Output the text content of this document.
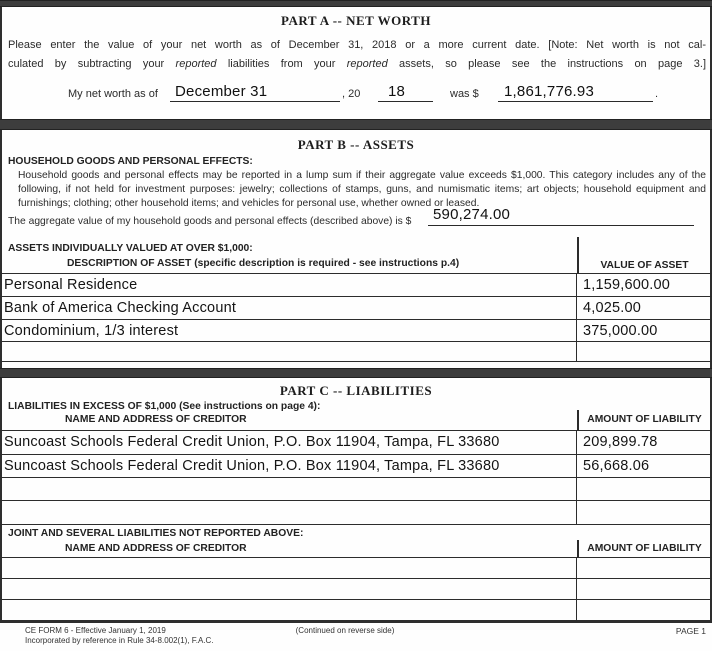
PART A -- NET WORTH
Please enter the value of your net worth as of December 31, 2018 or a more current date. [Note: Net worth is not cal-
culated by subtracting your reported liabilities from your reported assets, so please see the instructions on page 3.]
My net worth as of December 31	, 20 18	was $ 1,861,776.93	.
PART B -- ASSETS
HOUSEHOLD GOODS AND PERSONAL EFFECTS:
Household goods and personal effects may be reported in a lump sum if their aggregate value exceeds $1,000. This category includes any of the
following, if not held for investment purposes: jewelry; collections of stamps, guns, and numismatic items; art objects; household equipment and
furnishings; clothing; other household items; and vehicles for personal use, whether owned or leased.
The aggregate value of my household goods and personal effects (described above) is $ 590,274.00
ASSETS INDIVIDUALLY VALUED AT OVER $1,000:
DESCRIPTION OF ASSET (specific description is required - see instructions p.4)	VALUE OF ASSET
Personal Residence	1,159,600.00
Bank of America Checking Account	4,025.00
Condominium, 1/3 interest	375,000.00
PART C -- LIABILITIES
LIABILITIES IN EXCESS OF $1,000 (See instructions on page 4):
NAME AND ADDRESS OF CREDITOR	AMOUNT OF LIABILITY
Suncoast Schools Federal Credit Union, P.O. Box 11904, Tampa, FL 33680	209,899.78
Suncoast Schools Federal Credit Union, P.O. Box 11904, Tampa, FL 33680	56,668.06
JOINT AND SEVERAL LIABILITIES NOT REPORTED ABOVE:
NAME AND ADDRESS OF CREDITOR	AMOUNT OF LIABILITY
CE FORM 6 - Effective January 1, 2019
Incorporated by reference in Rule 34-8.002(1), F.A.C.
(Continued on reverse side)	PAGE 1
